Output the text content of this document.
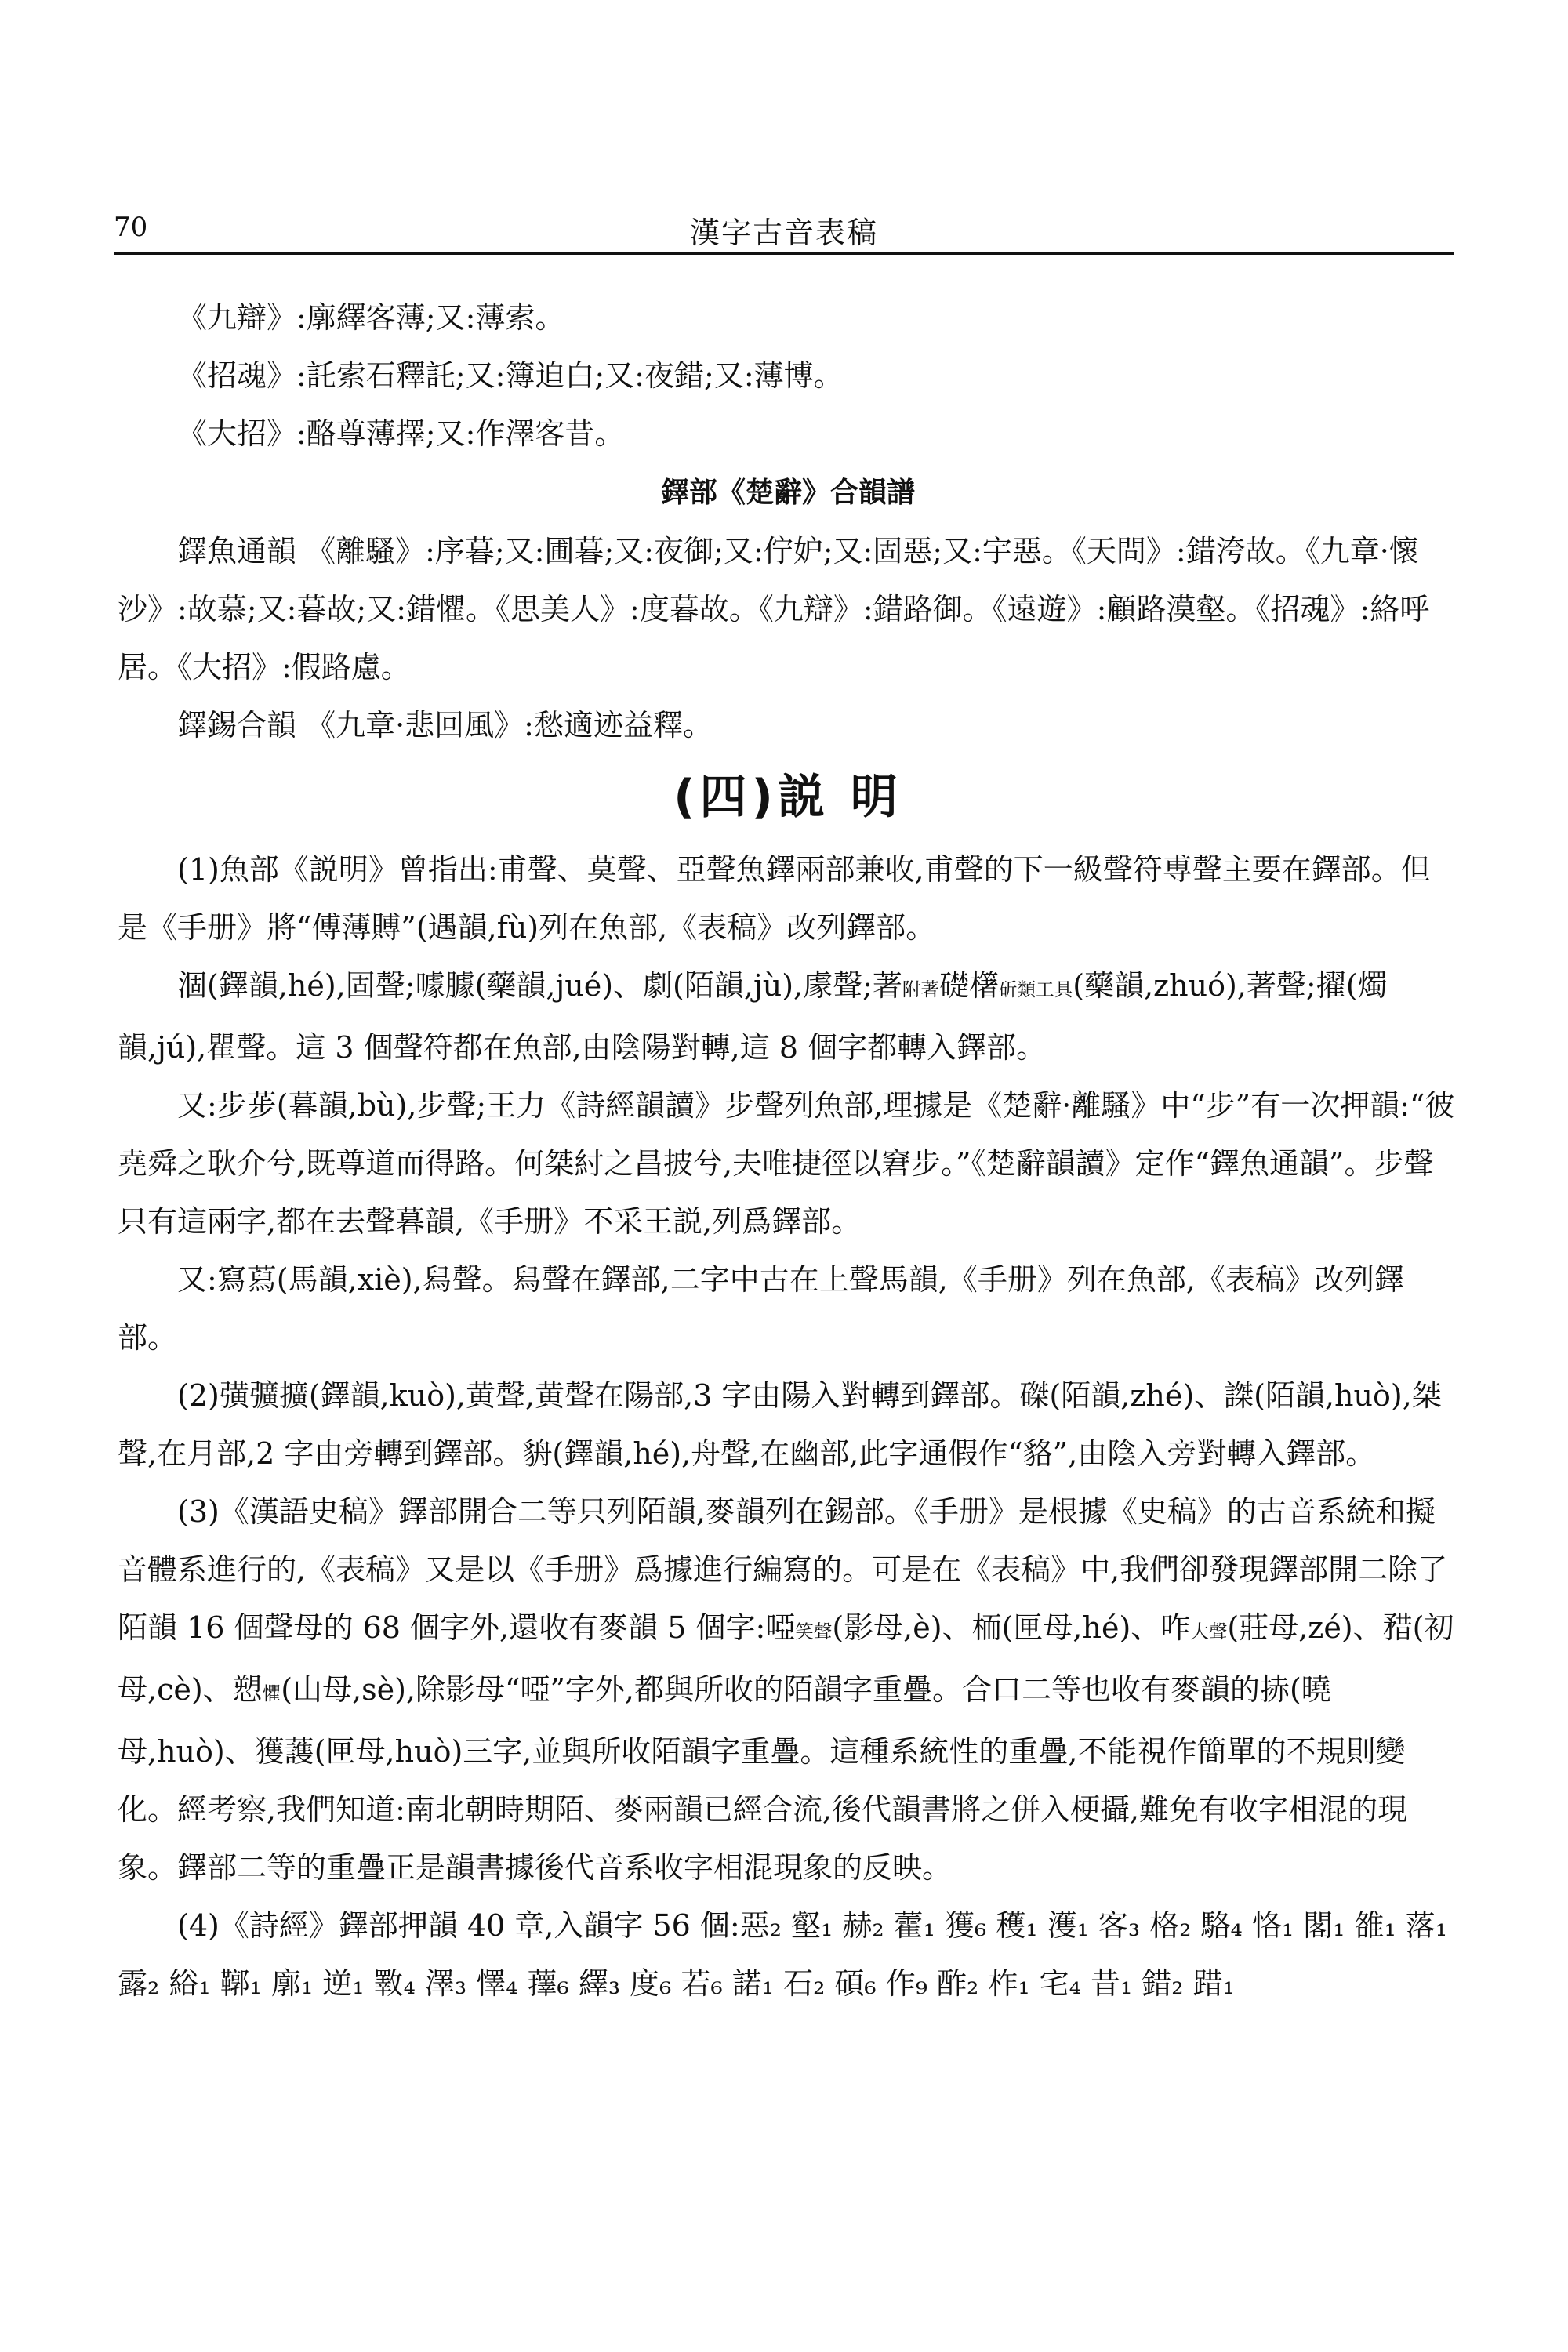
70	漢字古音表稿

《九辯》:廓繹客薄;又:薄索。

《招魂》:託索石釋託;又:簿迫白;又:夜錯;又:薄博。

《大招》:酪尊薄擇;又:作澤客昔。

鐸部《楚辭》合韻譜

鐸魚通韻 《離騷》:序暮;又:圃暮;又:夜御;又:佇妒;又:固惡;又:宇惡。《天問》:錯洿故。《九章·懷沙》:故慕;又:暮故;又:錯懼。《思美人》:度暮故。《九辯》:錯路御。《遠遊》:顧路漠壑。《招魂》:絡呼居。《大招》:假路慮。

鐸錫合韻 《九章·悲回風》:愁適迹益釋。

(四)説 明

(1)魚部《説明》曾指出:甫聲、莫聲、亞聲魚鐸兩部兼收,甫聲的下一級聲符尃聲主要在鐸部。但是《手册》將“傅薄賻”(遇韻,fù)列在魚部,《表稿》改列鐸部。

涸(鐸韻,hé),固聲;噱臄(藥韻,jué)、劇(陌韻,jù),豦聲;著附著礎櫡斫類工具(藥韻,zhuó),著聲;擢(燭韻,jú),瞿聲。這 3 個聲符都在魚部,由陰陽對轉,這 8 個字都轉入鐸部。

又:步荹(暮韻,bù),步聲;王力《詩經韻讀》步聲列魚部,理據是《楚辭·離騷》中“步”有一次押韻:“彼堯舜之耿介兮,既尊道而得路。何桀紂之昌披兮,夫唯捷徑以窘步。”《楚辭韻讀》定作“鐸魚通韻”。步聲只有這兩字,都在去聲暮韻,《手册》不采王説,列爲鐸部。

又:寫蕮(馬韻,xiè),舄聲。舄聲在鐸部,二字中古在上聲馬韻,《手册》列在魚部,《表稿》改列鐸部。

(2)彉彍擴(鐸韻,kuò),黄聲,黄聲在陽部,3 字由陽入對轉到鐸部。磔(陌韻,zhé)、謋(陌韻,huò),桀聲,在月部,2 字由旁轉到鐸部。貈(鐸韻,hé),舟聲,在幽部,此字通假作“貉”,由陰入旁對轉入鐸部。

(3)《漢語史稿》鐸部開合二等只列陌韻,麥韻列在錫部。《手册》是根據《史稿》的古音系統和擬音體系進行的,《表稿》又是以《手册》爲據進行編寫的。可是在《表稿》中,我們卻發現鐸部開二除了陌韻 16 個聲母的 68 個字外,還收有麥韻 5 個字:啞笑聲(影母,è)、栭(匣母,hé)、咋大聲(莊母,zé)、矠(初母,cè)、愬懼(山母,sè),除影母“啞”字外,都與所收的陌韻字重疊。合口二等也收有麥韻的捇(曉母,huò)、獲䕶(匣母,huò)三字,並與所收陌韻字重疊。這種系統性的重疊,不能視作簡單的不規則變化。經考察,我們知道:南北朝時期陌、麥兩韻已經合流,後代韻書將之併入梗攝,難免有收字相混的現象。鐸部二等的重疊正是韻書據後代音系收字相混現象的反映。

(4)《詩經》鐸部押韻 40 章,入韻字 56 個:惡₂ 壑₁ 赫₂ 藿₁ 獲₆ 穫₁ 濩₁ 客₃ 格₂ 駱₄ 恪₁ 閣₁ 雒₁ 落₁ 露₂ 綌₁ 鞹₁ 廓₁ 逆₁ 斁₄ 澤₃ 懌₄ 蘀₆ 繹₃ 度₆ 若₆ 諾₁ 石₂ 碩₆ 作₉ 酢₂ 柞₁ 宅₄ 昔₁ 錯₂ 踖₁
